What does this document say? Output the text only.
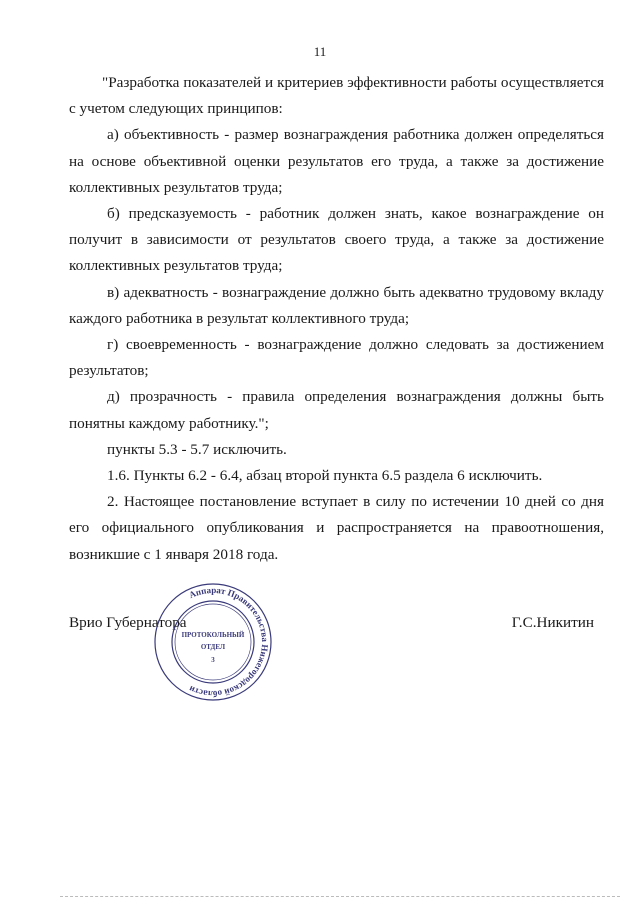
11

"Разработка показателей и критериев эффективности работы осуществляется с учетом следующих принципов:

а) объективность - размер вознаграждения работника должен определяться на основе объективной оценки результатов его труда, а также за достижение коллективных результатов труда;

б) предсказуемость - работник должен знать, какое вознаграждение он получит в зависимости от результатов своего труда, а также за достижение коллективных результатов труда;

в) адекватность - вознаграждение должно быть адекватно трудовому вкладу каждого работника в результат коллективного труда;

г) своевременность - вознаграждение должно следовать за достижением результатов;

д) прозрачность - правила определения вознаграждения должны быть понятны каждому работнику.";

пункты 5.3 - 5.7 исключить.

1.6. Пункты 6.2 - 6.4, абзац второй пункта 6.5 раздела 6 исключить.

2. Настоящее постановление вступает в силу по истечении 10 дней со дня его официального опубликования и распространяется на правоотношения, возникшие с 1 января 2018 года.

Врио Губернатора	Г.С.Никитин
Аппарат Правительства Нижегородской области
ПРОТОКОЛЬНЫЙ
ОТДЕЛ
3
